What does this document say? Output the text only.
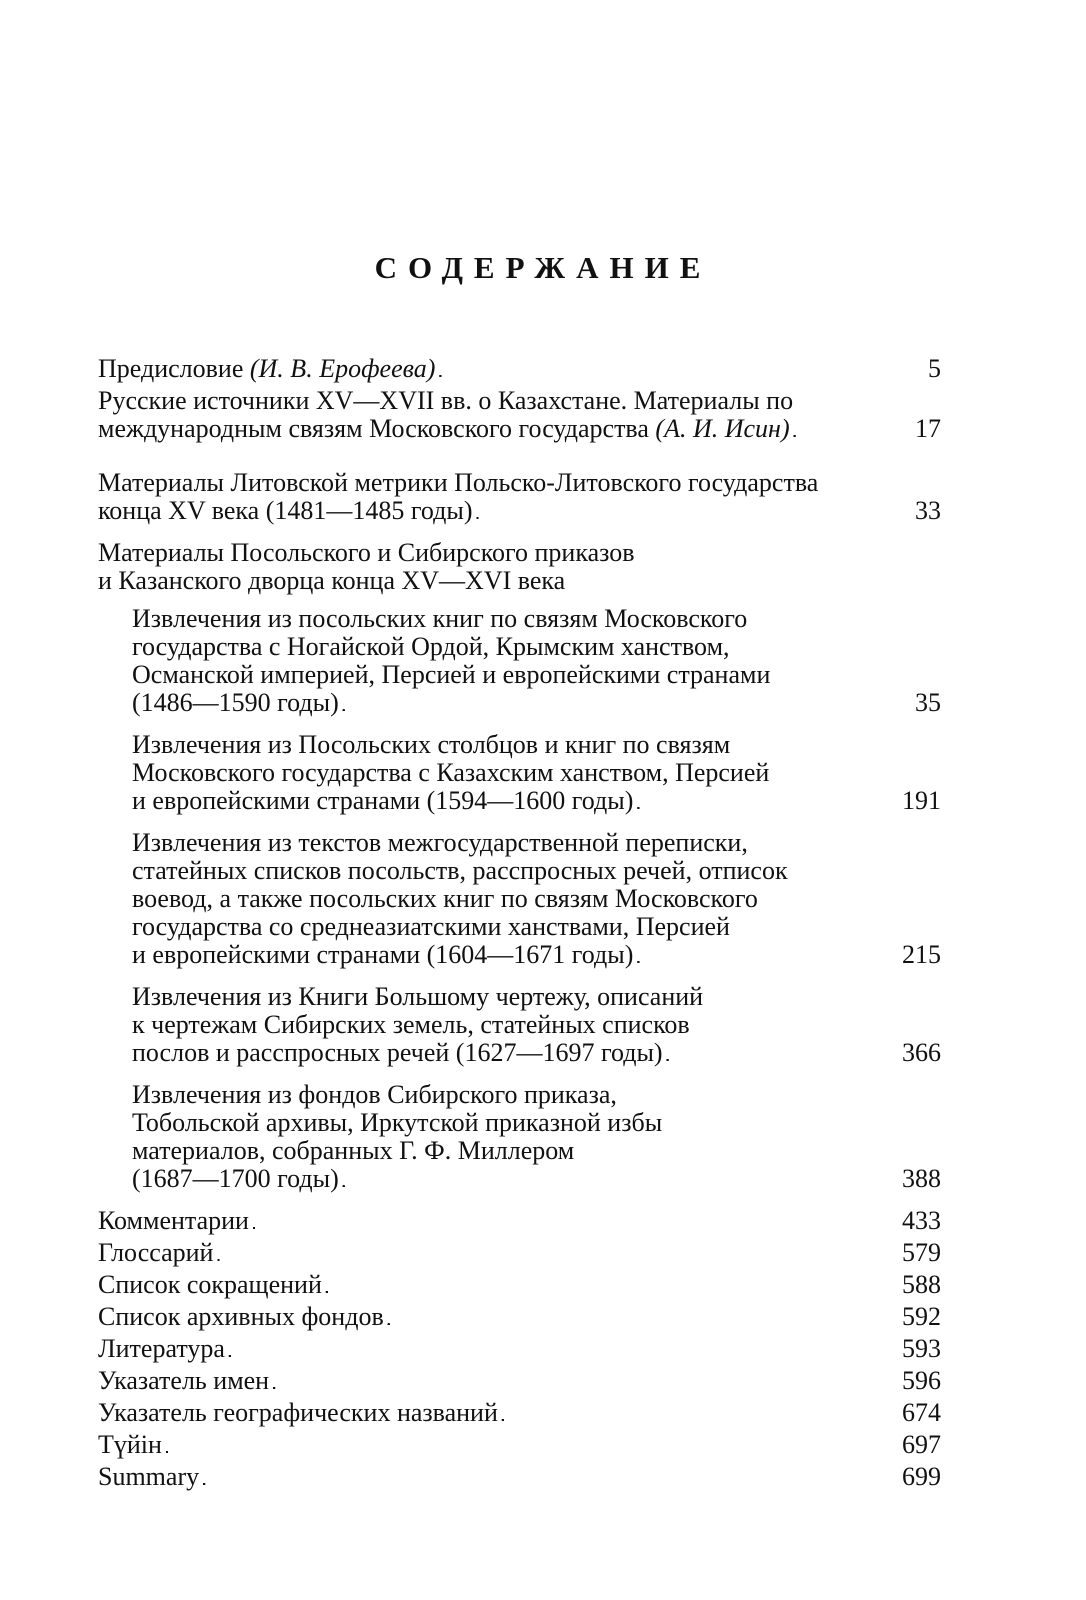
СОДЕРЖАНИЕ
Предисловие (И. В. Ерофеева) . . .	5
Русские источники XV—XVII вв. о Казахстане. Материалы по
международным связям Московского государства (А. И. Исин) . . .	17
Материалы Литовской метрики Польско-Литовского государства
конца XV века (1481—1485 годы) . . .	33
Материалы Посольского и Сибирского приказов
и Казанского дворца конца XV—XVI века
Извлечения из посольских книг по связям Московского
государства с Ногайской Ордой, Крымским ханством,
Османской империей, Персией и европейскими странами
(1486—1590 годы) . . .	35
Извлечения из Посольских столбцов и книг по связям
Московского государства с Казахским ханством, Персией
и европейскими странами (1594—1600 годы) . . .	191
Извлечения из текстов межгосударственной переписки,
статейных списков посольств, расспросных речей, отписок
воевод, а также посольских книг по связям Московского
государства со среднеазиатскими ханствами, Персией
и европейскими странами (1604—1671 годы) . . .	215
Извлечения из Книги Большому чертежу, описаний
к чертежам Сибирских земель, статейных списков
послов и расспросных речей (1627—1697 годы) . . .	366
Извлечения из фондов Сибирского приказа,
Тобольской архивы, Иркутской приказной избы
материалов, собранных Г. Ф. Миллером
(1687—1700 годы) . . .	388
Комментарии . . .	433
Глоссарий . . .	579
Список сокращений . . .	588
Список архивных фондов . . .	592
Литература . . .	593
Указатель имен . . .	596
Указатель географических названий . . .	674
Түйін . . .	697
Summary . . .	699
